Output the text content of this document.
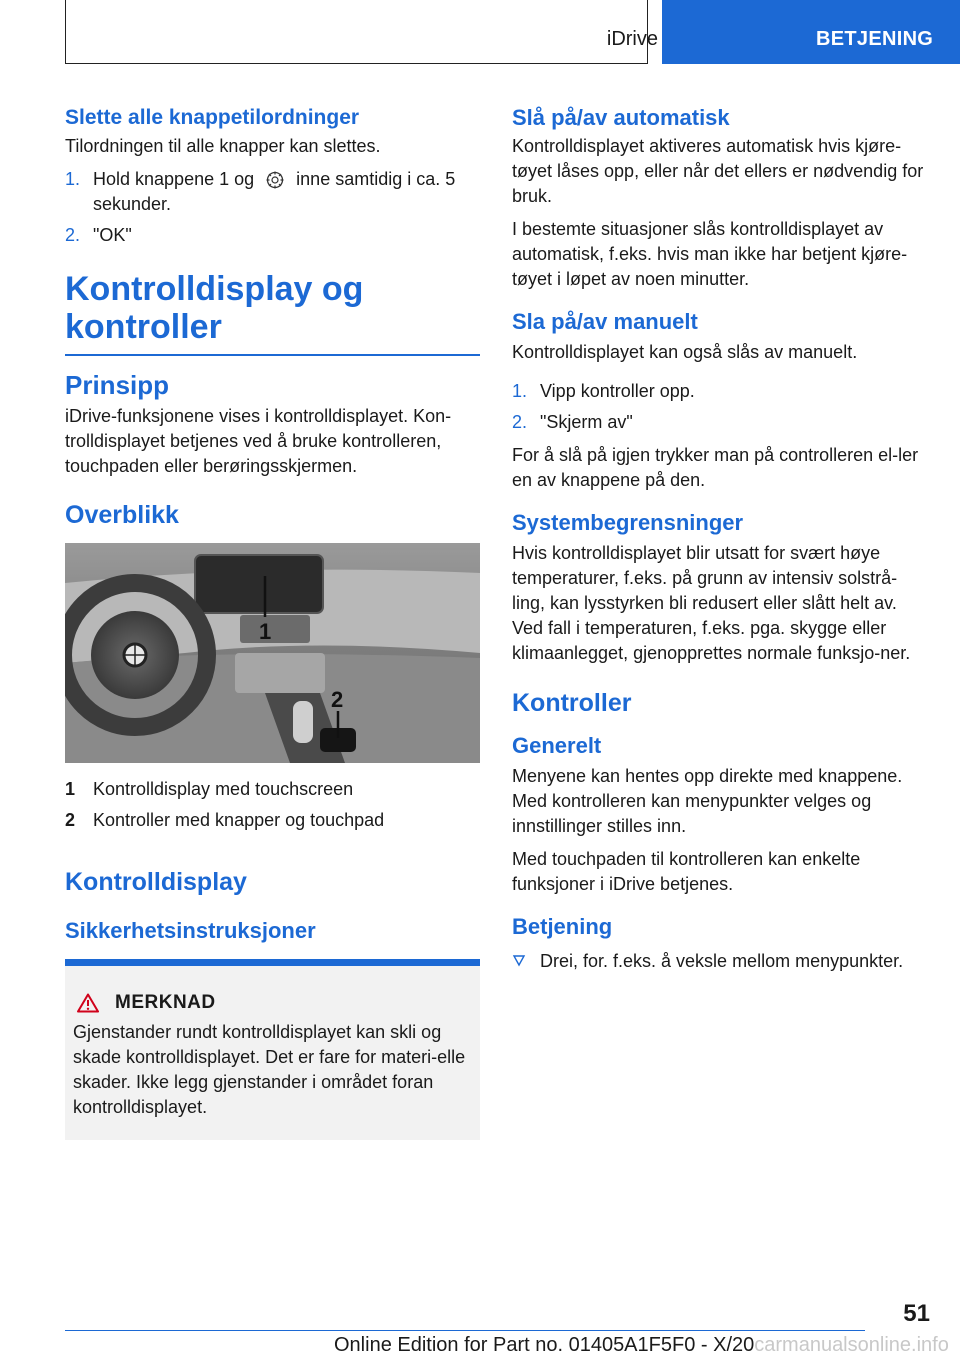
iDrive	BETJENING
Slette alle knappetilordninger

Tilordningen til alle knapper kan slettes.

1. Hold knappene 1 og inne samtidig i ca. 5 sekunder.
2. "OK"
Kontrolldisplay og kontroller
Prinsipp

iDrive-funksjonene vises i kontrolldisplayet. Kon-trolldisplayet betjenes ved å bruke kontrolleren, touchpaden eller berøringsskjermen.

Overblikk
1
2
1 Kontrolldisplay med touchscreen
2 Kontroller med knapper og touchpad
Kontrolldisplay
Sikkerhetsinstruksjoner
MERKNAD
Gjenstander rundt kontrolldisplayet kan skli og skade kontrolldisplayet. Det er fare for materi-elle skader. Ikke legg gjenstander i området foran kontrolldisplayet.
Slå på/av automatisk

Kontrolldisplayet aktiveres automatisk hvis kjøre-tøyet låses opp, eller når det ellers er nødvendig for bruk.

I bestemte situasjoner slås kontrolldisplayet av automatisk, f.eks. hvis man ikke har betjent kjøre-tøyet i løpet av noen minutter.

Sla på/av manuelt

Kontrolldisplayet kan også slås av manuelt.

1. Vipp kontroller opp.
2. "Skjerm av"

For å slå på igjen trykker man på controlleren el-ler en av knappene på den.

Systembegrensninger

Hvis kontrolldisplayet blir utsatt for svært høye temperaturer, f.eks. på grunn av intensiv solstrå-ling, kan lysstyrken bli redusert eller slått helt av. Ved fall i temperaturen, f.eks. pga. skygge eller klimaanlegget, gjenopprettes normale funksjo-ner.

Kontroller
Generelt

Menyene kan hentes opp direkte med knappene. Med kontrolleren kan menypunkter velges og innstillinger stilles inn.

Med touchpaden til kontrolleren kan enkelte funksjoner i iDrive betjenes.

Betjening
Drei, for. f.eks. å veksle mellom menypunkter.
51
Online Edition for Part no. 01405A1F5F0 - X/20carmanualsonline.info
